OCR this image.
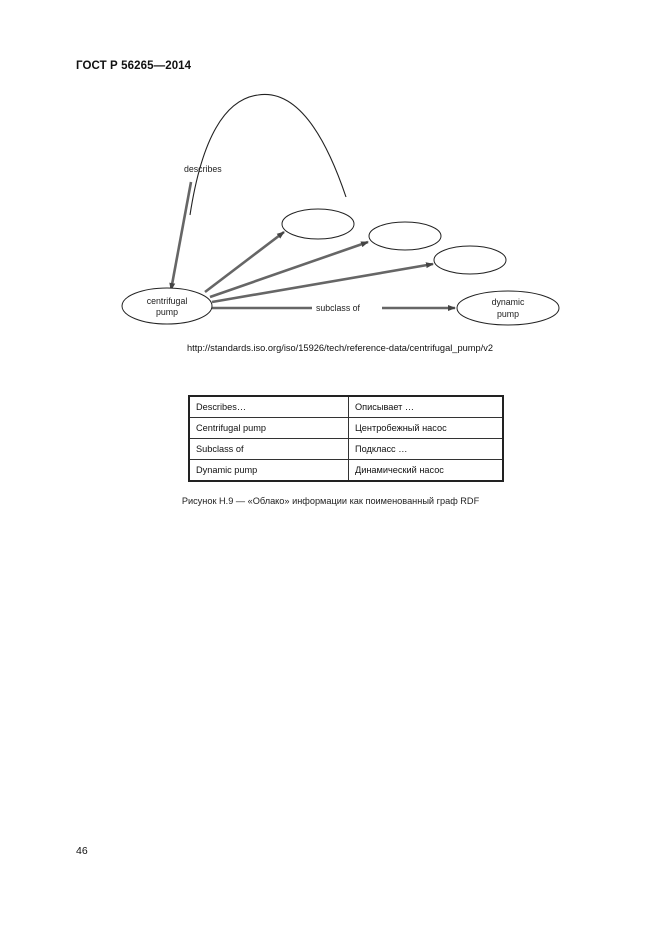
ГОСТ Р 56265—2014
describes
subclass of
centrifugal
pump
dynamic
pump
http://standards.iso.org/iso/15926/tech/reference-data/centrifugal_pump/v2
Describes…	Описывает …
Centrifugal pump	Центробежный насос
Subclass of	Подкласс …
Dynamic pump	Динамический насос
Рисунок Н.9 — «Облако» информации как поименованный граф RDF
46
